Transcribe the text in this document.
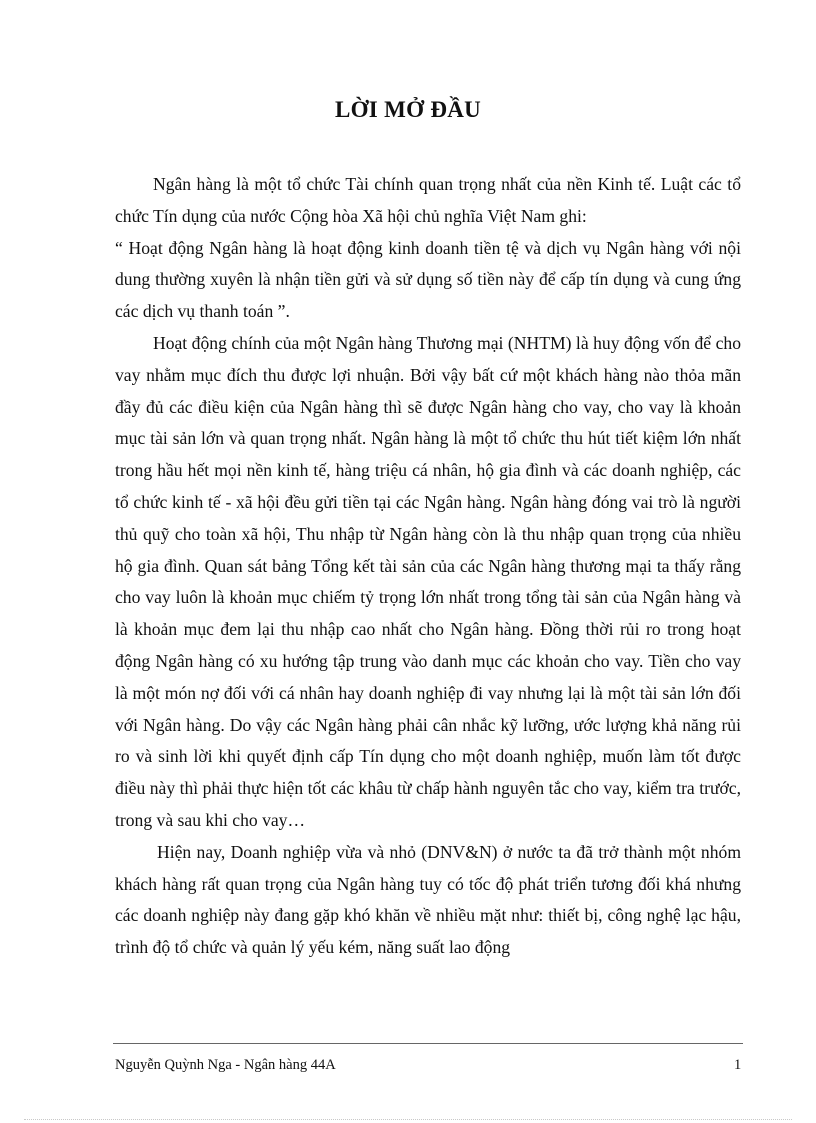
LỜI MỞ ĐẦU

Ngân hàng là một tổ chức Tài chính quan trọng nhất của nền Kinh tế. Luật các tổ chức Tín dụng của nước Cộng hòa Xã hội chủ nghĩa Việt Nam ghi:

“ Hoạt động Ngân hàng là hoạt động kinh doanh tiền tệ và dịch vụ Ngân hàng với nội dung thường xuyên là nhận tiền gửi và sử dụng số tiền này để cấp tín dụng và cung ứng các dịch vụ thanh toán ”.

Hoạt động chính của một Ngân hàng Thương mại (NHTM) là huy động vốn để cho vay nhằm mục đích thu được lợi nhuận. Bởi vậy bất cứ một khách hàng nào thỏa mãn đầy đủ các điều kiện của Ngân hàng thì sẽ được Ngân hàng cho vay, cho vay là khoản mục tài sản lớn và quan trọng nhất. Ngân hàng là một tổ chức thu hút tiết kiệm lớn nhất trong hầu hết mọi nền kinh tế, hàng triệu cá nhân, hộ gia đình và các doanh nghiệp, các tổ chức kinh tế - xã hội đều gửi tiền tại các Ngân hàng. Ngân hàng đóng vai trò là người thủ quỹ cho toàn xã hội, Thu nhập từ Ngân hàng còn là thu nhập quan trọng của nhiều hộ gia đình. Quan sát bảng Tổng kết tài sản của các Ngân hàng thương mại ta thấy rằng cho vay luôn là khoản mục chiếm tỷ trọng lớn nhất trong tổng tài sản của Ngân hàng và là khoản mục đem lại thu nhập cao nhất cho Ngân hàng. Đồng thời rủi ro trong hoạt động Ngân hàng có xu hướng tập trung vào danh mục các khoản cho vay. Tiền cho vay là một món nợ đối với cá nhân hay doanh nghiệp đi vay nhưng lại là một tài sản lớn đối với Ngân hàng. Do vậy các Ngân hàng phải cân nhắc kỹ lưỡng, ước lượng khả năng rủi ro và sinh lời khi quyết định cấp Tín dụng cho một doanh nghiệp, muốn làm tốt được điều này thì phải thực hiện tốt các khâu từ chấp hành nguyên tắc cho vay, kiểm tra trước, trong và sau khi cho vay…

Hiện nay, Doanh nghiệp vừa và nhỏ (DNV&N) ở nước ta đã trở thành một nhóm khách hàng rất quan trọng của Ngân hàng tuy có tốc độ phát triển tương đối khá nhưng các doanh nghiệp này đang gặp khó khăn về nhiều mặt như: thiết bị, công nghệ lạc hậu, trình độ tổ chức và quản lý yếu kém, năng suất lao động

Nguyễn Quỳnh Nga - Ngân hàng 44A	1
